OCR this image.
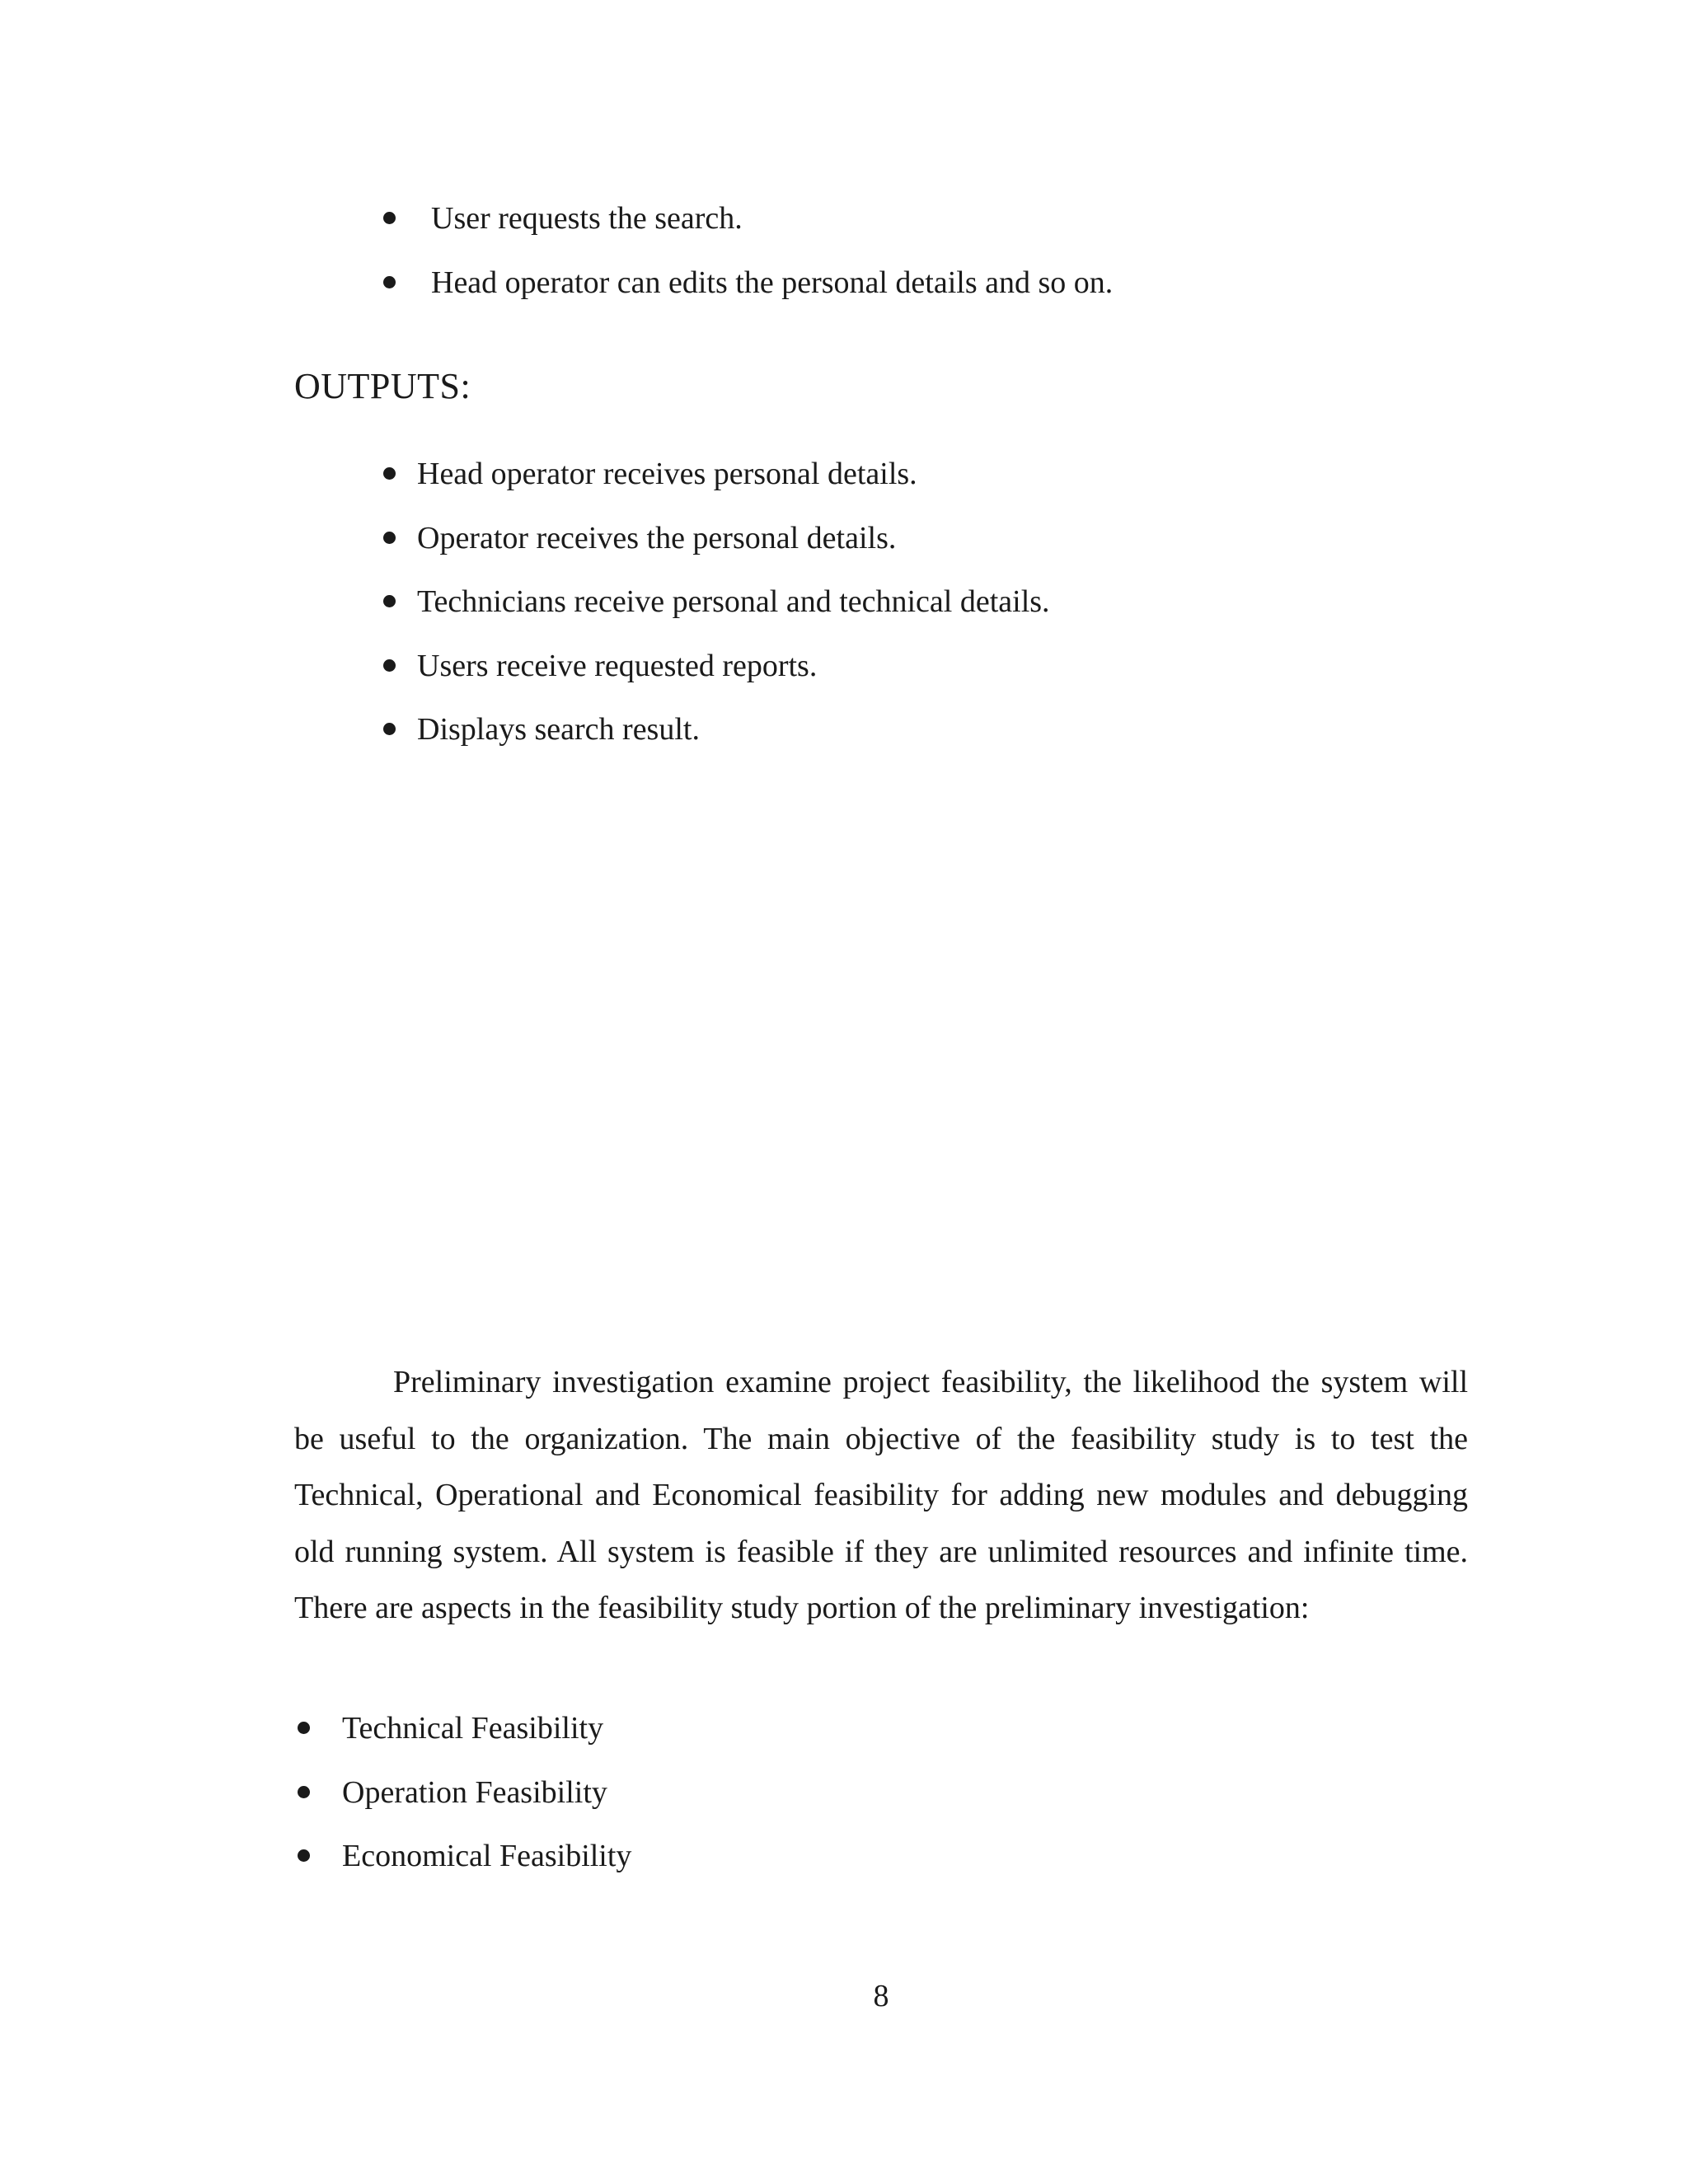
User requests the search.
Head operator can edits the personal details and so on.
OUTPUTS:
Head operator receives personal details.
Operator receives the personal details.
Technicians receive personal and technical details.
Users receive requested reports.
Displays search result.

Preliminary investigation examine project feasibility, the likelihood the system will be useful to the organization. The main objective of the feasibility study is to test the Technical, Operational and Economical feasibility for adding new modules and debugging old running system. All system is feasible if they are unlimited resources and infinite time. There are aspects in the feasibility study portion of the preliminary investigation:

Technical Feasibility
Operation Feasibility
Economical Feasibility
8
